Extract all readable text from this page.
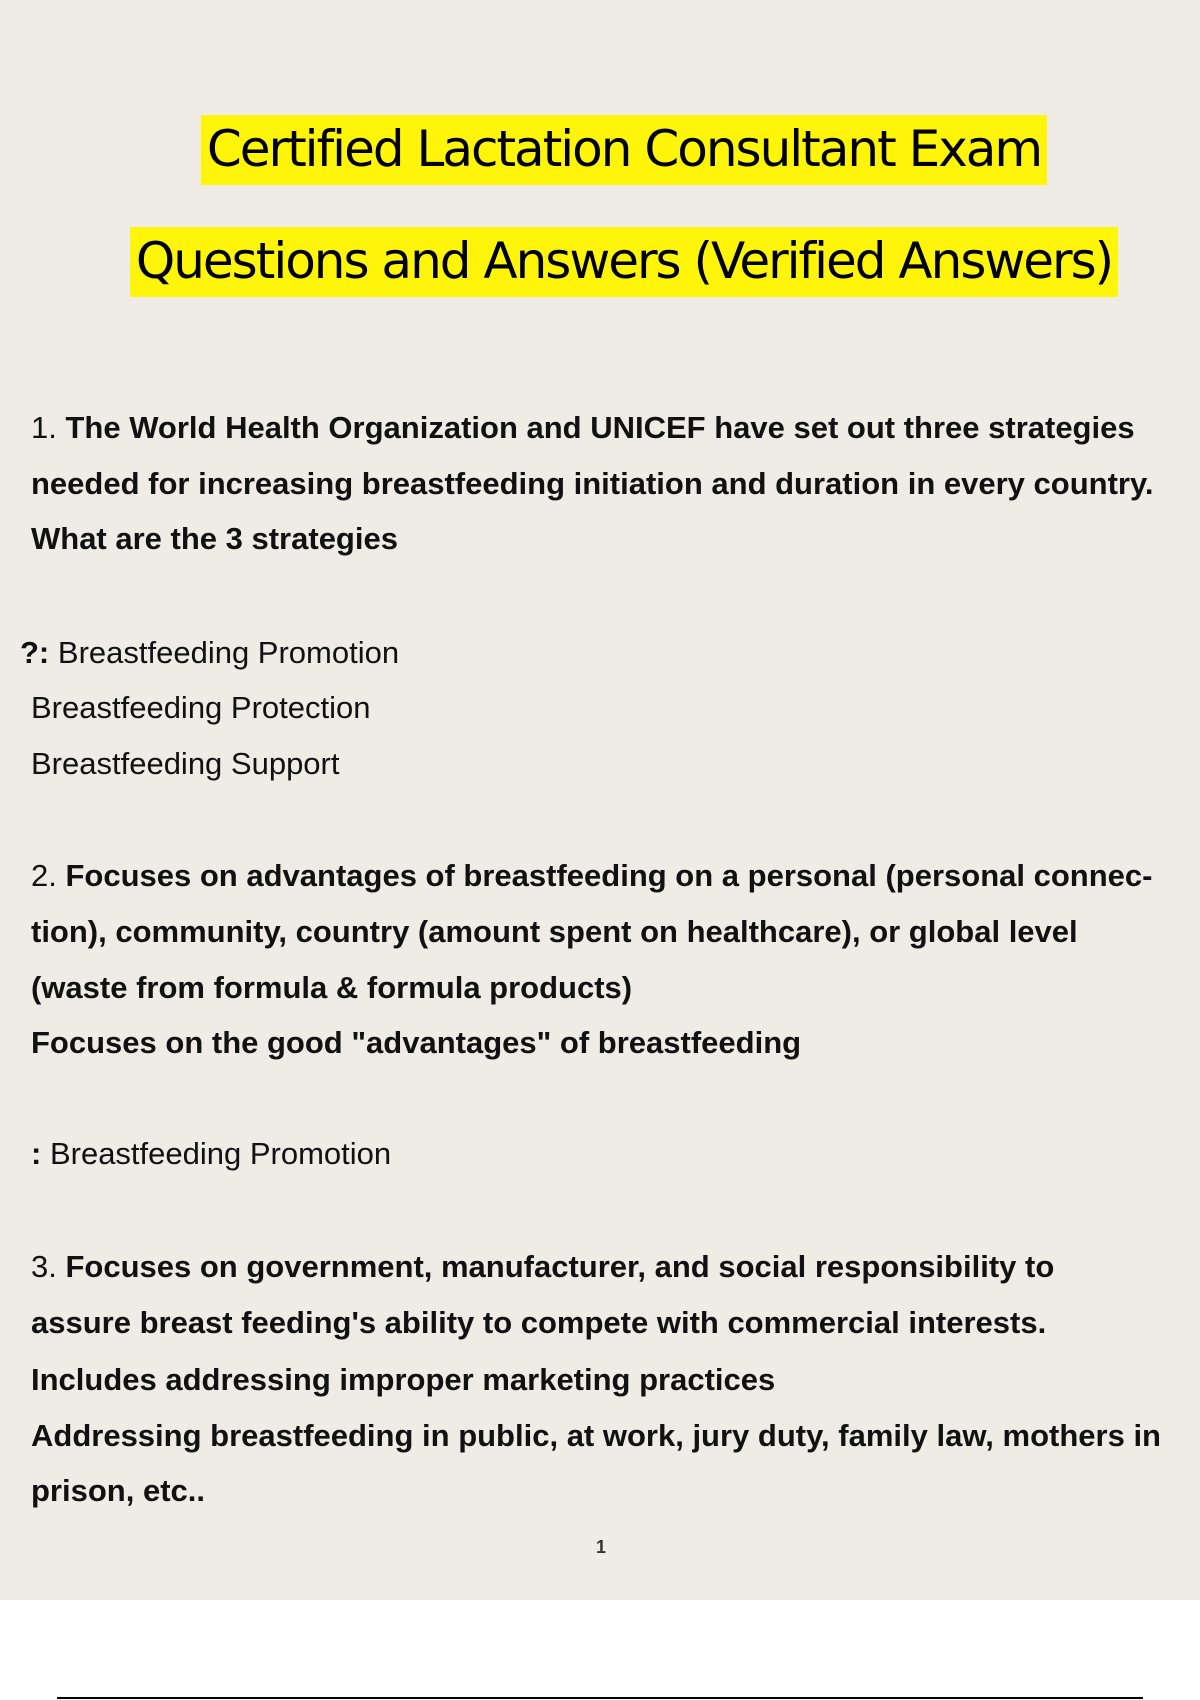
Certified Lactation Consultant Exam
Questions and Answers (Verified Answers)
1. The World Health Organization and UNICEF have set out three strategies
needed for increasing breastfeeding initiation and duration in every country.
What are the 3 strategies
?: Breastfeeding Promotion
Breastfeeding Protection
Breastfeeding Support
2. Focuses on advantages of breastfeeding on a personal (personal connec-
tion), community, country (amount spent on healthcare), or global level
(waste from formula & formula products)
Focuses on the good "advantages" of breastfeeding
: Breastfeeding Promotion
3. Focuses on government, manufacturer, and social responsibility to
assure breast feeding's ability to compete with commercial interests.
Includes addressing improper marketing practices
Addressing breastfeeding in public, at work, jury duty, family law, mothers in
prison, etc..
1
